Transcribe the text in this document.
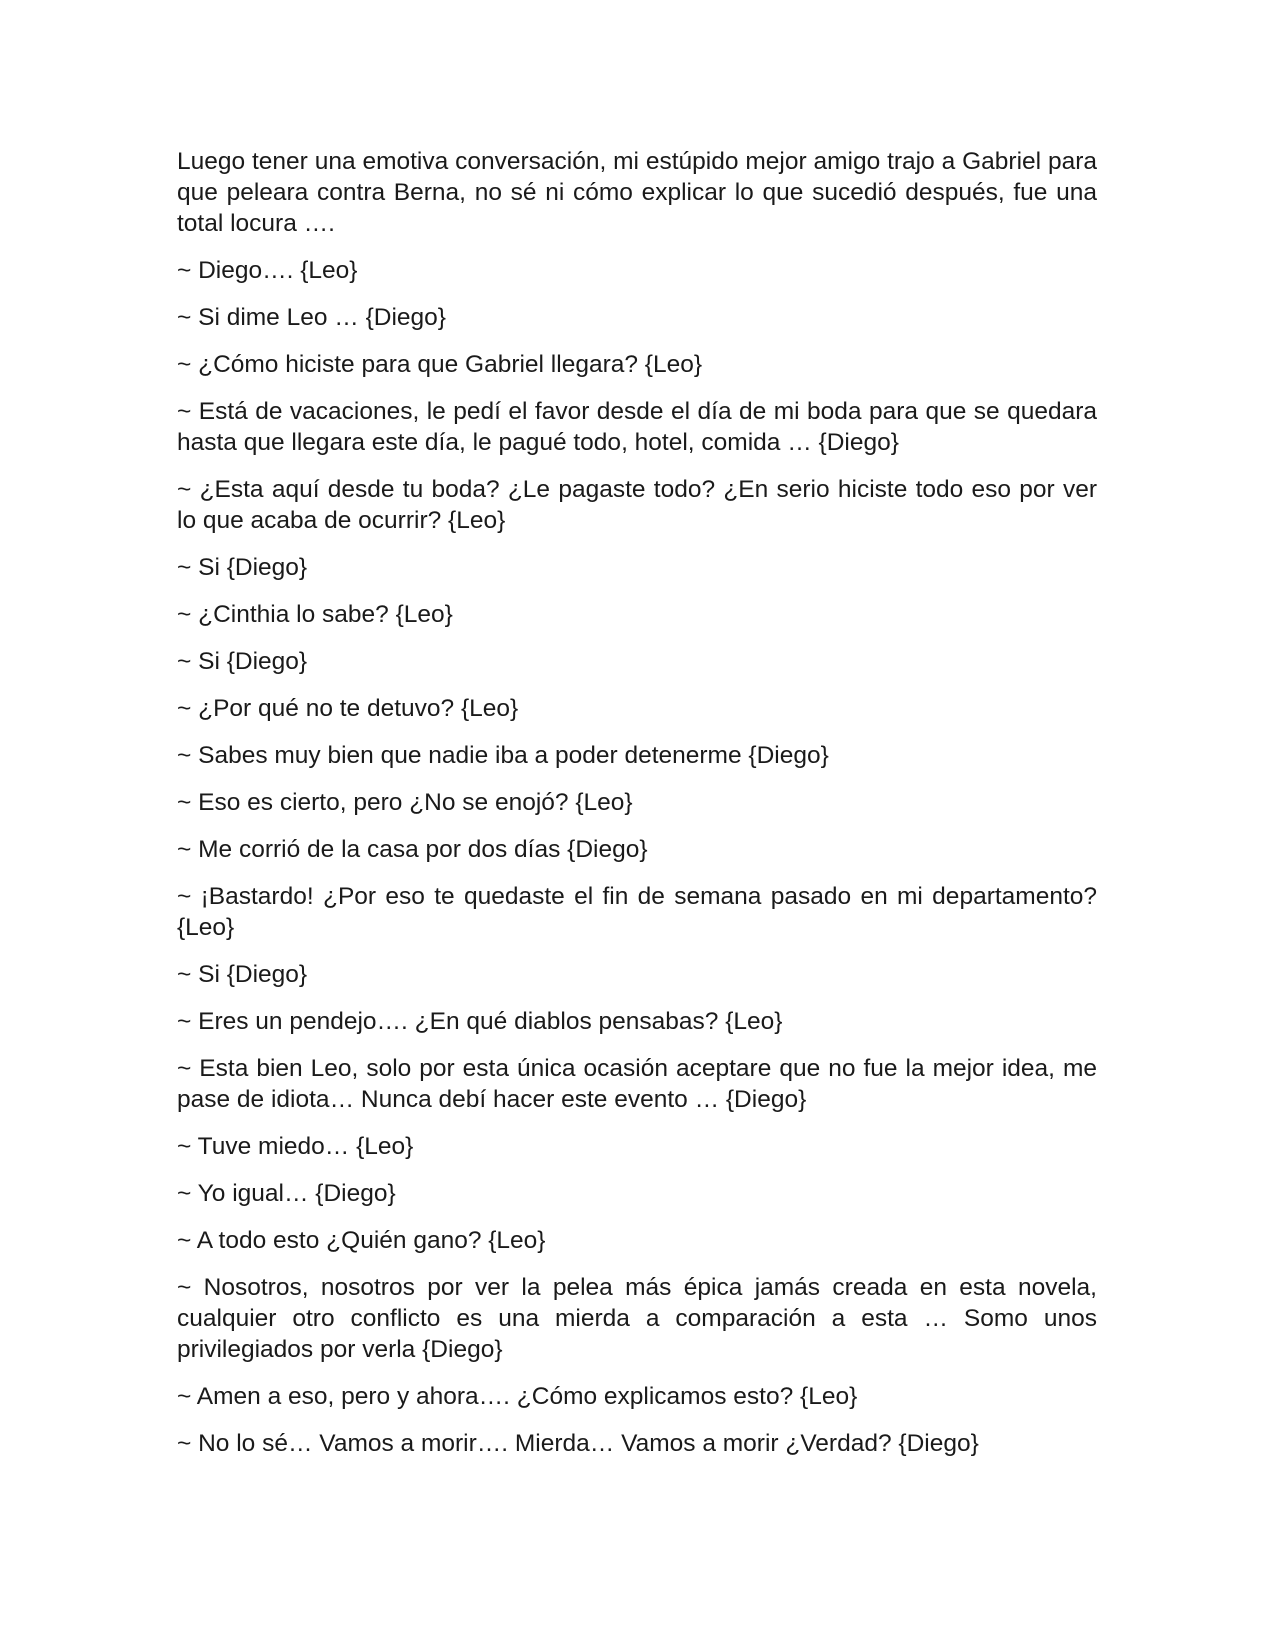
Luego tener una emotiva conversación, mi estúpido mejor amigo trajo a Gabriel para que peleara contra Berna, no sé ni cómo explicar lo que sucedió después, fue una total locura ….

~ Diego…. {Leo}

~ Si dime Leo … {Diego}

~ ¿Cómo hiciste para que Gabriel llegara? {Leo}

~ Está de vacaciones, le pedí el favor desde el día de mi boda para que se quedara hasta que llegara este día, le pagué todo, hotel, comida … {Diego}

~ ¿Esta aquí desde tu boda? ¿Le pagaste todo? ¿En serio hiciste todo eso por ver lo que acaba de ocurrir? {Leo}

~ Si {Diego}

~ ¿Cinthia lo sabe? {Leo}

~ Si {Diego}

~ ¿Por qué no te detuvo? {Leo}

~ Sabes muy bien que nadie iba a poder detenerme {Diego}

~ Eso es cierto, pero ¿No se enojó? {Leo}

~ Me corrió de la casa por dos días {Diego}

~ ¡Bastardo! ¿Por eso te quedaste el fin de semana pasado en mi departamento? {Leo}

~ Si {Diego}

~ Eres un pendejo…. ¿En qué diablos pensabas? {Leo}

~ Esta bien Leo, solo por esta única ocasión aceptare que no fue la mejor idea, me pase de idiota… Nunca debí hacer este evento … {Diego}

~ Tuve miedo… {Leo}

~ Yo igual… {Diego}

~ A todo esto ¿Quién gano? {Leo}

~ Nosotros, nosotros por ver la pelea más épica jamás creada en esta novela, cualquier otro conflicto es una mierda a comparación a esta … Somo unos privilegiados por verla {Diego}

~ Amen a eso, pero y ahora…. ¿Cómo explicamos esto? {Leo}

~ No lo sé… Vamos a morir…. Mierda… Vamos a morir ¿Verdad? {Diego}
